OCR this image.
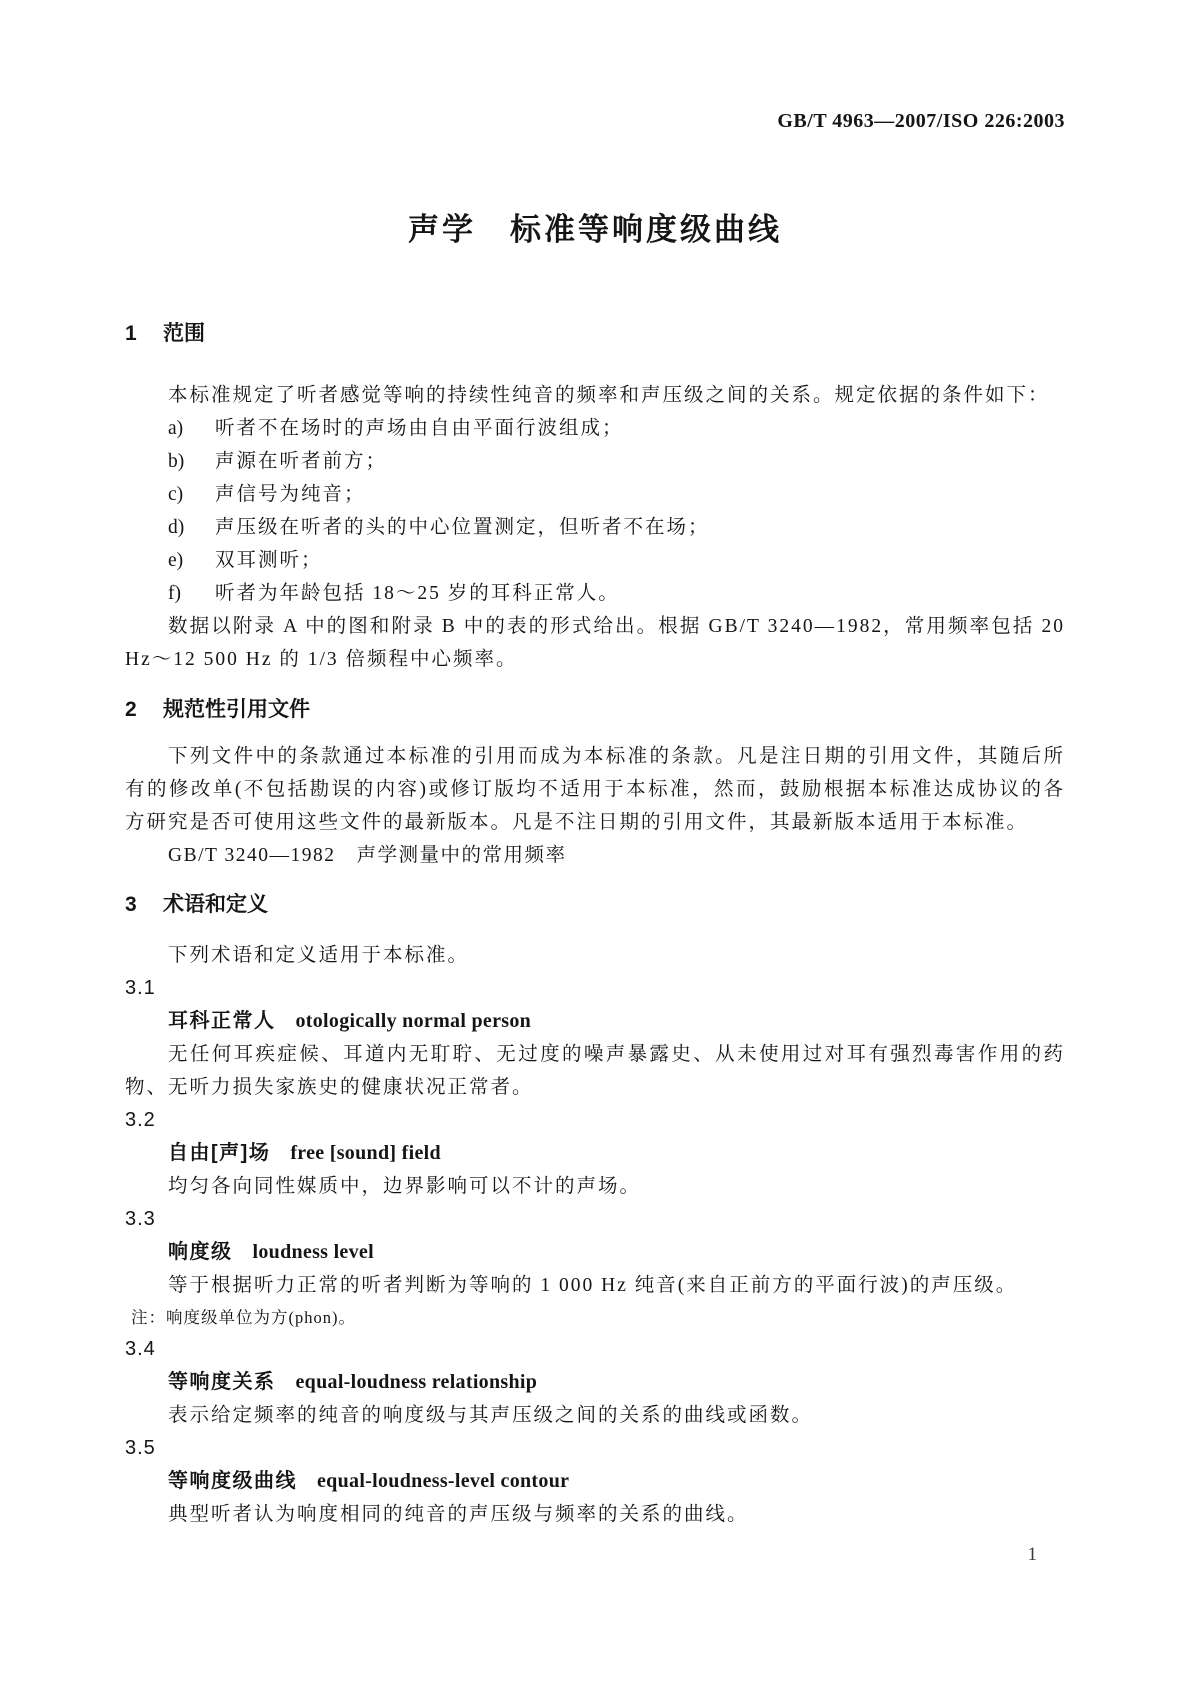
GB/T 4963—2007/ISO 226:2003
声学　标准等响度级曲线
1 范围

本标准规定了听者感觉等响的持续性纯音的频率和声压级之间的关系。规定依据的条件如下：

a) 听者不在场时的声场由自由平面行波组成；
b) 声源在听者前方；
c) 声信号为纯音；
d) 声压级在听者的头的中心位置测定，但听者不在场；
e) 双耳测听；
f) 听者为年龄包括 18～25 岁的耳科正常人。

数据以附录 A 中的图和附录 B 中的表的形式给出。根据 GB/T 3240—1982，常用频率包括 20 Hz～12 500 Hz 的 1/3 倍频程中心频率。

2 规范性引用文件

下列文件中的条款通过本标准的引用而成为本标准的条款。凡是注日期的引用文件，其随后所有的修改单(不包括勘误的内容)或修订版均不适用于本标准，然而，鼓励根据本标准达成协议的各方研究是否可使用这些文件的最新版本。凡是不注日期的引用文件，其最新版本适用于本标准。

GB/T 3240—1982　声学测量中的常用频率
3 术语和定义

下列术语和定义适用于本标准。

3.1
耳科正常人 otologically normal person

无任何耳疾症候、耳道内无耵聍、无过度的噪声暴露史、从未使用过对耳有强烈毒害作用的药物、无听力损失家族史的健康状况正常者。

3.2
自由[声]场 free [sound] field

均匀各向同性媒质中，边界影响可以不计的声场。

3.3
响度级 loudness level

等于根据听力正常的听者判断为等响的 1 000 Hz 纯音(来自正前方的平面行波)的声压级。

注：响度级单位为方(phon)。
3.4
等响度关系 equal-loudness relationship

表示给定频率的纯音的响度级与其声压级之间的关系的曲线或函数。

3.5
等响度级曲线 equal-loudness-level contour

典型听者认为响度相同的纯音的声压级与频率的关系的曲线。

1
